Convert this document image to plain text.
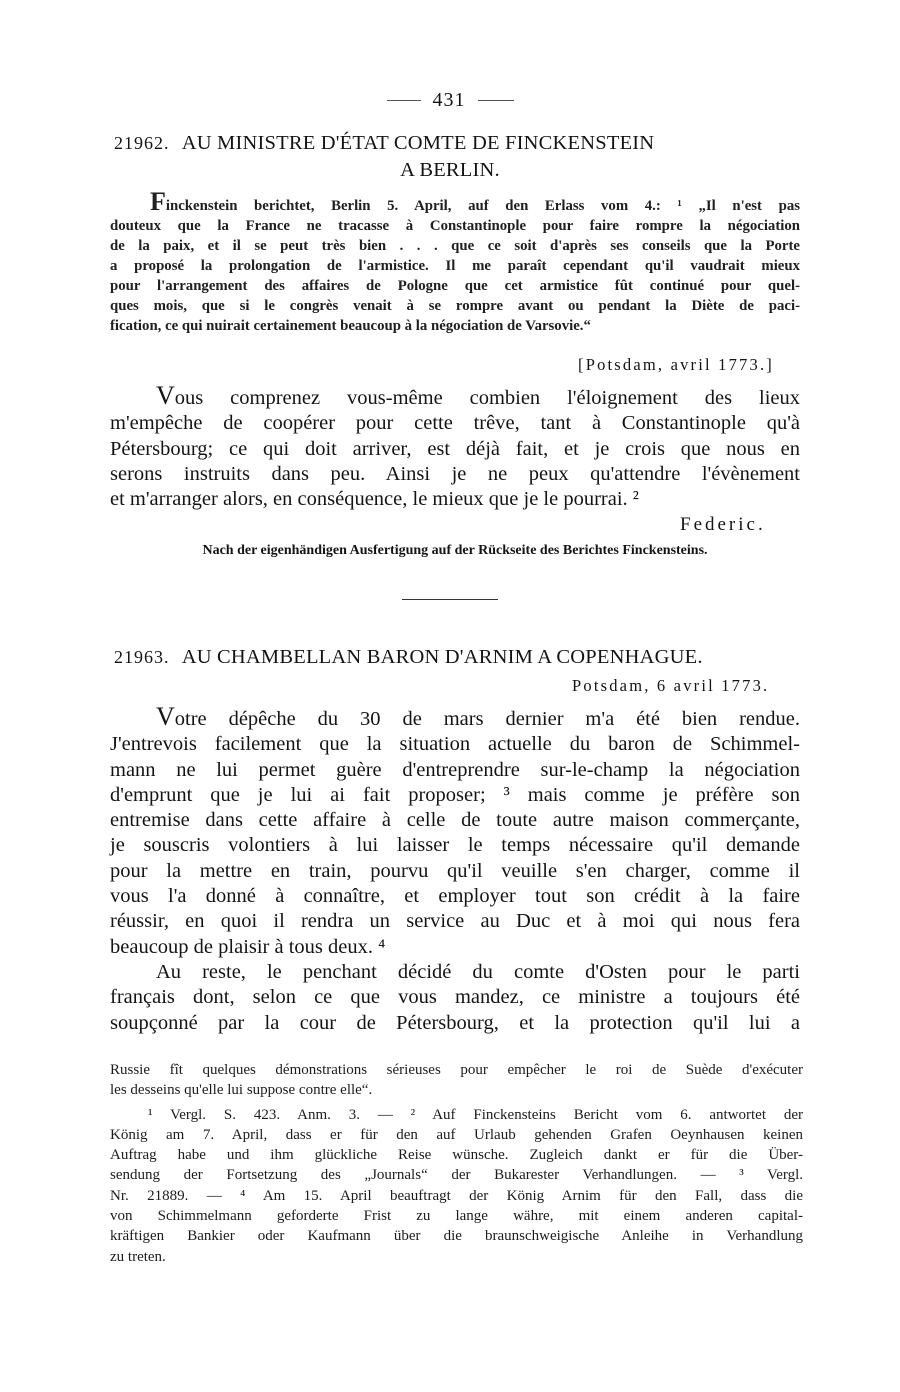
431
21962. AU MINISTRE D'ÉTAT COMTE DE FINCKENSTEIN
A BERLIN.
Finckenstein berichtet, Berlin 5. April, auf den Erlass vom 4.: ¹ „Il n'est pas
douteux que la France ne tracasse à Constantinople pour faire rompre la négociation
de la paix, et il se peut très bien . . . que ce soit d'après ses conseils que la Porte
a proposé la prolongation de l'armistice. Il me paraît cependant qu'il vaudrait mieux
pour l'arrangement des affaires de Pologne que cet armistice fût continué pour quel-
ques mois, que si le congrès venait à se rompre avant ou pendant la Diète de paci-
fication, ce qui nuirait certainement beaucoup à la négociation de Varsovie.“
[Potsdam, avril 1773.]
Vous comprenez vous-même combien l'éloignement des lieux
m'empêche de coopérer pour cette trêve, tant à Constantinople qu'à
Pétersbourg; ce qui doit arriver, est déjà fait, et je crois que nous en
serons instruits dans peu. Ainsi je ne peux qu'attendre l'évènement
et m'arranger alors, en conséquence, le mieux que je le pourrai. ²
Federic.
Nach der eigenhändigen Ausfertigung auf der Rückseite des Berichtes Finckensteins.
21963. AU CHAMBELLAN BARON D'ARNIM A COPENHAGUE.
Potsdam, 6 avril 1773.
Votre dépêche du 30 de mars dernier m'a été bien rendue.
J'entrevois facilement que la situation actuelle du baron de Schimmel-
mann ne lui permet guère d'entreprendre sur-le-champ la négociation
d'emprunt que je lui ai fait proposer; ³ mais comme je préfère son
entremise dans cette affaire à celle de toute autre maison commerçante,
je souscris volontiers à lui laisser le temps nécessaire qu'il demande
pour la mettre en train, pourvu qu'il veuille s'en charger, comme il
vous l'a donné à connaître, et employer tout son crédit à la faire
réussir, en quoi il rendra un service au Duc et à moi qui nous fera
beaucoup de plaisir à tous deux. ⁴
Au reste, le penchant décidé du comte d'Osten pour le parti
français dont, selon ce que vous mandez, ce ministre a toujours été
soupçonné par la cour de Pétersbourg, et la protection qu'il lui a
Russie fît quelques démonstrations sérieuses pour empêcher le roi de Suède d'exécuter
les desseins qu'elle lui suppose contre elle“.
¹ Vergl. S. 423. Anm. 3. — ² Auf Finckensteins Bericht vom 6. antwortet der
König am 7. April, dass er für den auf Urlaub gehenden Grafen Oeynhausen keinen
Auftrag habe und ihm glückliche Reise wünsche. Zugleich dankt er für die Über-
sendung der Fortsetzung des „Journals“ der Bukarester Verhandlungen. — ³ Vergl.
Nr. 21889. — ⁴ Am 15. April beauftragt der König Arnim für den Fall, dass die
von Schimmelmann geforderte Frist zu lange währe, mit einem anderen capital-
kräftigen Bankier oder Kaufmann über die braunschweigische Anleihe in Verhandlung
zu treten.
